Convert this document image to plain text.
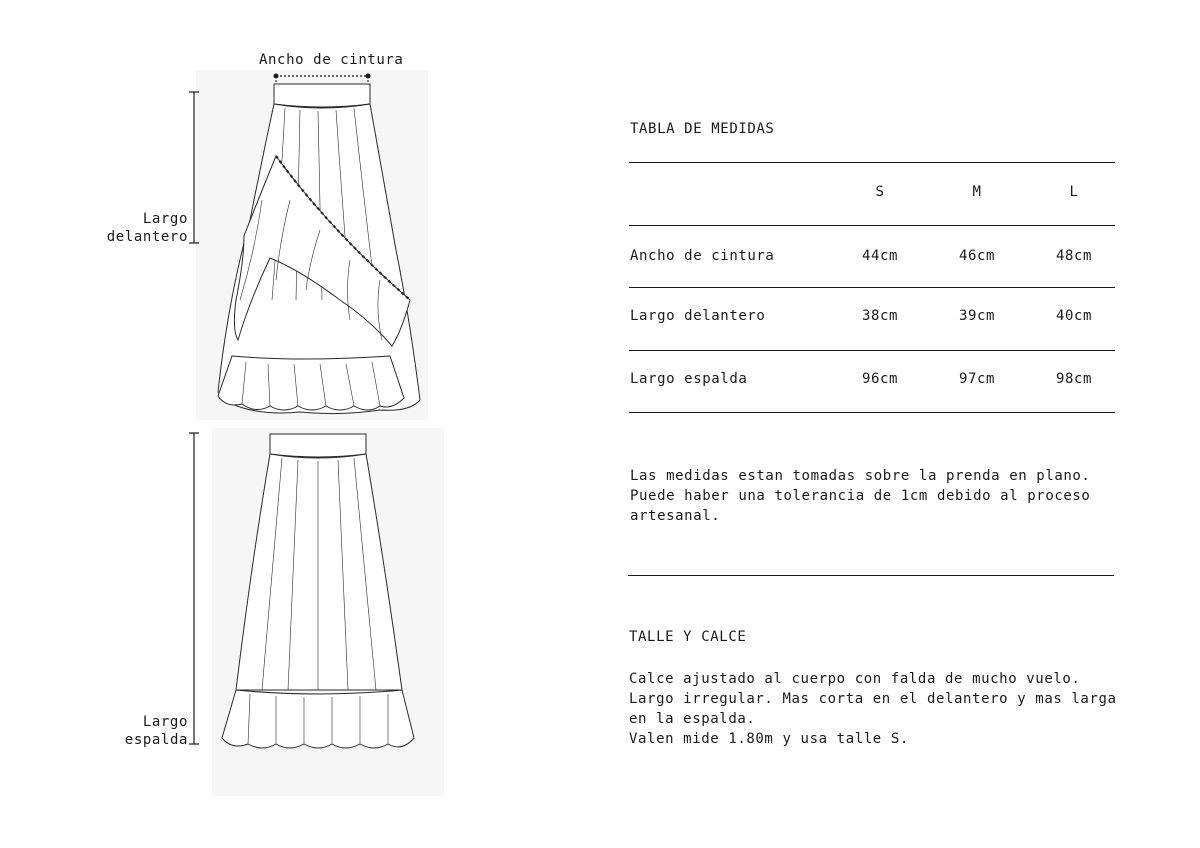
Ancho de cintura
Largo
delantero
Largo
espalda
TABLA DE MEDIDAS
S	M	L
Ancho de cintura	44cm	46cm	48cm
Largo delantero	38cm	39cm	40cm
Largo espalda	96cm	97cm	98cm
Las medidas estan tomadas sobre la prenda en plano.
Puede haber una tolerancia de 1cm debido al proceso
artesanal.
TALLE Y CALCE
Calce ajustado al cuerpo con falda de mucho vuelo.
Largo irregular. Mas corta en el delantero y mas larga
en la espalda.
Valen mide 1.80m y usa talle S.
